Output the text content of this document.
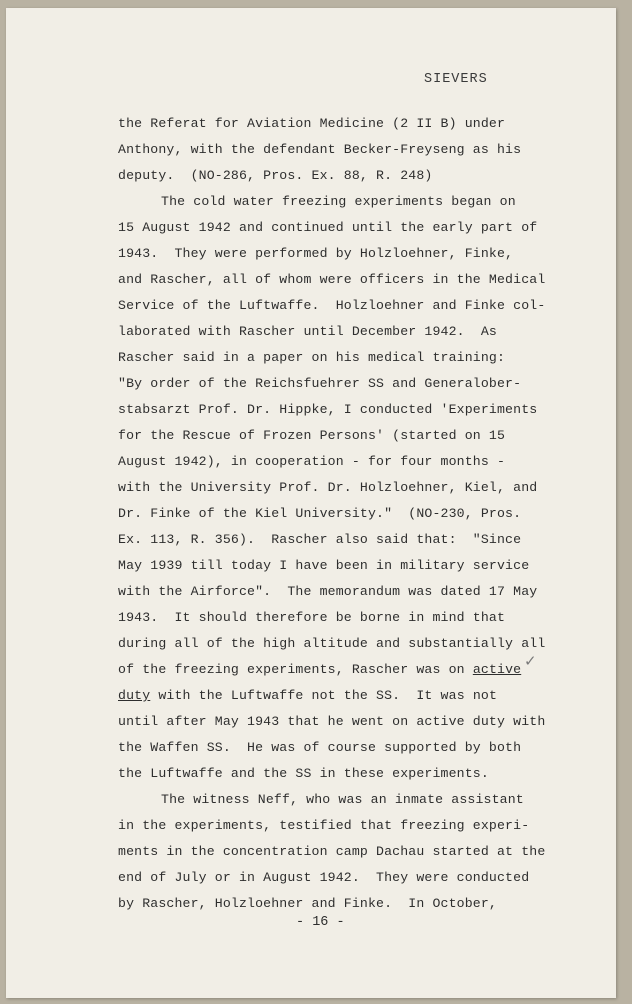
SIEVERS
the Referat for Aviation Medicine (2 II B) under
Anthony, with the defendant Becker-Freyseng as his
deputy.  (NO-286, Pros. Ex. 88, R. 248)
The cold water freezing experiments began on
15 August 1942 and continued until the early part of
1943.  They were performed by Holzloehner, Finke,
and Rascher, all of whom were officers in the Medical
Service of the Luftwaffe.  Holzloehner and Finke col-
laborated with Rascher until December 1942.  As
Rascher said in a paper on his medical training:
"By order of the Reichsfuehrer SS and Generalober-
stabsarzt Prof. Dr. Hippke, I conducted 'Experiments
for the Rescue of Frozen Persons' (started on 15
August 1942), in cooperation - for four months -
with the University Prof. Dr. Holzloehner, Kiel, and
Dr. Finke of the Kiel University."  (NO-230, Pros.
Ex. 113, R. 356).  Rascher also said that:  "Since
May 1939 till today I have been in military service
with the Airforce".  The memorandum was dated 17 May
1943.  It should therefore be borne in mind that
during all of the high altitude and substantially all
of the freezing experiments, Rascher was on active
duty with the Luftwaffe not the SS.  It was not
until after May 1943 that he went on active duty with
the Waffen SS.  He was of course supported by both
the Luftwaffe and the SS in these experiments.
The witness Neff, who was an inmate assistant
in the experiments, testified that freezing experi-
ments in the concentration camp Dachau started at the
end of July or in August 1942.  They were conducted
by Rascher, Holzloehner and Finke.  In October,
✓
- 16 -
